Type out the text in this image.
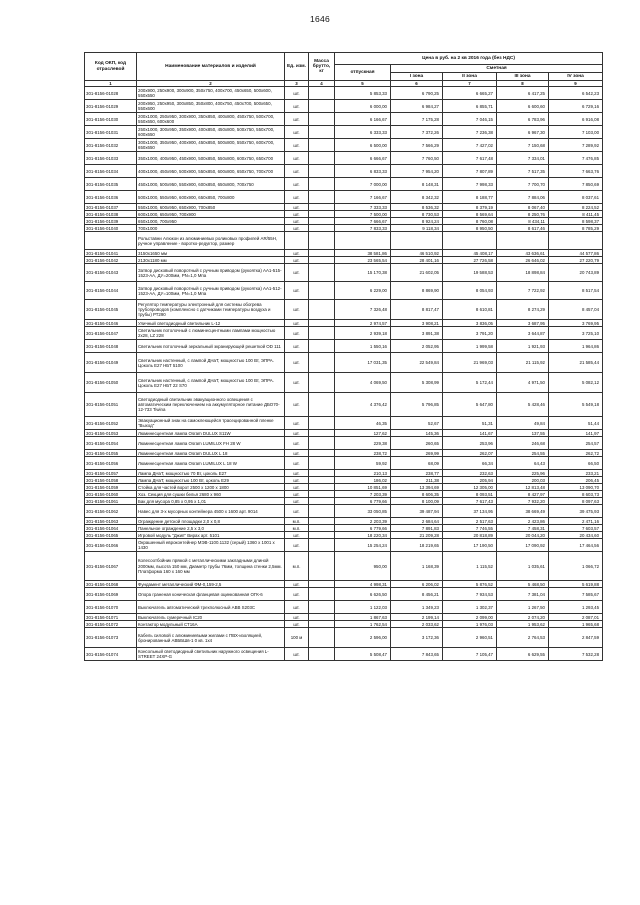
1646
Код ОКП, код отраслевой	Наименование материалов и изделий	Ед. изм.	Масса брутто, кг	Цена в руб. на 2 кв 2016 года (без НДС)				
				отпускная	Сметная			
					I зона	II зона	III зона	IV зона
1	2	3	4	5	6	7	8	9
301-8156-01028	200х900, 250х900, 300х900, 350х750, 400х700, 450х650, 500х600, 550х550	шт.		5 853,33	6 790,25	6 665,27	6 417,25	6 542,23
301-8156-01029	200х950, 250х950, 300х850, 350х800, 400х750, 450х700, 500х650, 550х600	шт.		6 000,00	6 984,27	6 855,71	6 600,60	6 729,16
301-8156-01030	200х1000, 250х950, 300х900, 350х850, 400х800, 450х750, 500х700, 550х650, 600х600	шт.		6 166,67	7 175,28	7 046,15	6 783,96	6 916,08
301-8156-01031	250х1000, 300х950, 350х900, 400х850, 450х800, 500х750, 550х700, 600х650	шт.		6 333,33	7 372,26	7 236,38	6 967,30	7 103,00
301-8156-01032	300х1000, 350х950, 400х900, 450х850, 500х800, 550х750, 600х700, 650х650	шт.		6 500,00	7 566,29	7 427,02	7 150,68	7 289,92
301-8156-01033	350х1000, 400х950, 450х900, 500х850, 550х800, 600х750, 650х700	шт.		6 666,67	7 760,50	7 617,48	7 334,01	7 476,85
301-8156-01034	400х1000, 450х950, 500х900, 550х850, 600х800, 650х750, 700х700	шт.		6 833,33	7 954,20	7 807,89	7 517,35	7 663,76
301-8156-01035	450х1000, 500х950, 550х900, 600х850, 650х800, 700х750	шт.		7 000,00	8 148,31	7 998,33	7 700,70	7 850,69
301-8156-01036	500х1000, 550х950, 600х900, 650х850, 700х800	шт.		7 166,67	8 342,32	8 188,77	7 884,06	8 037,61
301-8156-01037	550х1000, 600х950, 650х900, 700х850	шт.		7 333,33	8 536,32	8 379,19	8 067,40	8 224,52
301-8156-01038	600х1000, 650х950, 700х900	шт.		7 500,00	8 730,53	8 569,64	8 250,76	8 411,45
301-8156-01039	650х1000, 700х950	шт.		7 666,67	8 924,24	8 760,08	8 434,11	8 598,37
301-8156-01040	700х1000	шт.		7 833,33	9 118,34	8 950,50	8 617,46	8 785,29
	Рольставни Алюкон из алюминиевых роликовых профилей AR/55H, ручное управление - воротко-редуктор, размер							
301-8156-01041	3150х1650 мм	шт.		38 581,86	46 510,92	45 408,17	43 636,61	44 577,86
301-8156-01042	2130х1180 мм	шт.		23 565,54	28 401,16	27 726,58	26 646,02	27 220,79
301-8156-01043	Затвор дисковый поворотный с ручным приводом (рукоятка) АА1-515-1523-АА, ДУ=200мм, PN=1,0 Мпа	шт.		15 170,38	21 602,05	19 588,53	18 898,84	20 743,89
301-8156-01044	Затвор дисковый поворотный с ручным приводом (рукоятка) АА1-512-1523-АА, ДУ=100мм, PN=1,0 Мпа	шт.		6 229,00	8 869,90	8 054,93	7 722,92	8 517,54
301-8156-01045	Регулятор температуры электронный для системы обогрева трубопроводов (комплексно с датчиками температуры воздуха и трубы) РТ290	шт.		7 326,48	8 817,47	8 610,81	8 274,29	8 457,04
301-8156-01046	Уличный светодиодный светильник L-12	шт.		2 974,57	3 908,21	3 836,05	3 687,95	3 769,95
301-8156-01047	Светильник потолочный с люминесцентными лампами мощностью 2х28, LZ 228	шт.		2 939,18	3 891,38	3 791,20	3 644,87	3 725,10
301-8156-01048	Светильник потолочный зеркальный экранирующей решеткой OD 111	шт.		1 550,16	2 052,95	1 999,58	1 921,93	1 964,86
301-8156-01049	Светильник настенный, с лампой ДНаТ, мощностью 100 Вт, ЭПРА. Цоколь E27 НБТ 5100	шт.		17 031,35	22 549,84	21 969,03	21 115,92	21 585,44
301-8156-01050	Светильник настенный, с лампой ДНаТ, мощностью 100 Вт, ЭПРА. Цоколь E27 НБТ 22 S70	шт.		4 069,50	5 308,99	5 172,44	4 971,50	5 082,12
301-8156-01051	Светодиодный светильник эвакуационного освещения с автоматическим переключением на аккумуляторное питание ДБО70-12-733 Tiwina	шт.		4 376,42	5 796,85	5 647,80	5 428,46	5 549,18
301-8156-01052	Эвакуационный знак на самоклеющейся трасецированной пленке "Выход"	шт.		46,35	52,67	51,31	49,84	51,44
301-8156-01053	Люминесцентная лампа Osram DULUX S11W	шт.		127,62	145,36	141,67	137,55	141,97
301-8156-01054	Люминесцентная лампа Osram LUMILUX FH 28 W	шт.		229,38	260,65	253,96	246,68	254,57
301-8156-01055	Люминесцентная лампа Osram DULUX L 18	шт.		238,72	269,99	262,07	254,55	262,72
301-8156-01056	Люминесцентная лампа Osram LUMILUX L 18 W	шт.		59,92	68,09	66,34	64,43	66,50
301-8156-01057	Лампа ДНаТ, мощностью 70 Вт, цоколь E27	шт.		210,13	238,77	232,63	225,96	233,21
301-8156-01058	Лампа ДНаТ, мощностью 100 Вт, цоколь E29	шт.		186,02	211,38	205,94	200,03	206,45
301-8156-01059	Стойка для частей ворот 2500 х 1200 х 1800	шт.		10 851,69	13 394,69	12 305,00	12 813,48	13 090,70
301-8156-01060	Хоз. Секция для сушки белья 2680 х 960	шт.		7 203,39	8 606,35	8 093,51	8 427,97	8 603,73
301-8156-01061	Бак для мусора 0,85 х 0,95 х 1,01	шт.		6 779,66	8 100,09	7 617,43	7 932,20	8 097,63
301-8156-01062	Навес для 3-х мусорных контейнера 4500 х 1600 арт. 9014	шт.		33 050,85	39 487,94	37 134,95	38 669,49	39 475,93
301-8156-01063	Ограждение детской площадки 2,0 х 0,8	м.п.		2 203,39	2 684,64	2 517,63	2 423,86	2 471,16
301-8156-01064	Панельное ограждение 2,5 х 3,0	м.п.		6 779,66	7 891,83	7 746,55	7 458,31	7 603,57
301-8156-01065	Игровой модуль "Джип" Вирах арт. 5101	шт.		18 220,34	21 209,28	20 818,89	20 044,20	20 434,60
301-8156-01066	Окрашенный евроконтейнер МЭВ-1100.1132 (серый) 1360 х 1001 х 1430	шт.		15 254,24	18 219,65	17 190,50	17 090,92	17 464,56
301-8156-01067	Колесоотбойник прямой с металлическими закладными длиной 2000мм, высота 150 мм, Диаметр трубы 76мм, толщина стенки 2,5мм. Платформа 160 х 160 мм	м.п.		950,00	1 168,39	1 115,52	1 035,61	1 066,72
301-8156-01068	Фундамент металлический ФМ-0,159-2,5	шт.		4 998,31	6 206,02	5 876,52	5 468,50	5 619,88
301-8156-01069	Опора граненая коническая фланцевая оцинкованная ОГК-6	шт.		6 626,50	8 456,21	7 934,53	7 381,04	7 585,67
301-8156-01070	Выключатель автоматический трехполюсный ABB S203C	шт.		1 122,03	1 349,23	1 302,37	1 267,50	1 293,45
301-8156-01071	Выключатель сумеречный IC20	шт.		1 867,63	2 199,14	2 099,00	2 074,20	2 087,01
301-8156-01072	Контактор модульный СТ16А	шт.		1 762,54	2 033,62	1 976,03	1 953,62	1 965,68
301-8156-01073	Кабель силовой с алюминиевыми жилами с ПВХ-изоляцией, бронированный АВББШв-1 0 кв. 1х4	100 м		2 596,00	3 172,36	2 960,51	2 764,53	2 847,59
301-8156-01074	Консольный светодиодный светильник наружного освещения L- STREET 24XP-G	шт.		5 508,47	7 843,65	7 105,47	6 629,55	7 532,28
